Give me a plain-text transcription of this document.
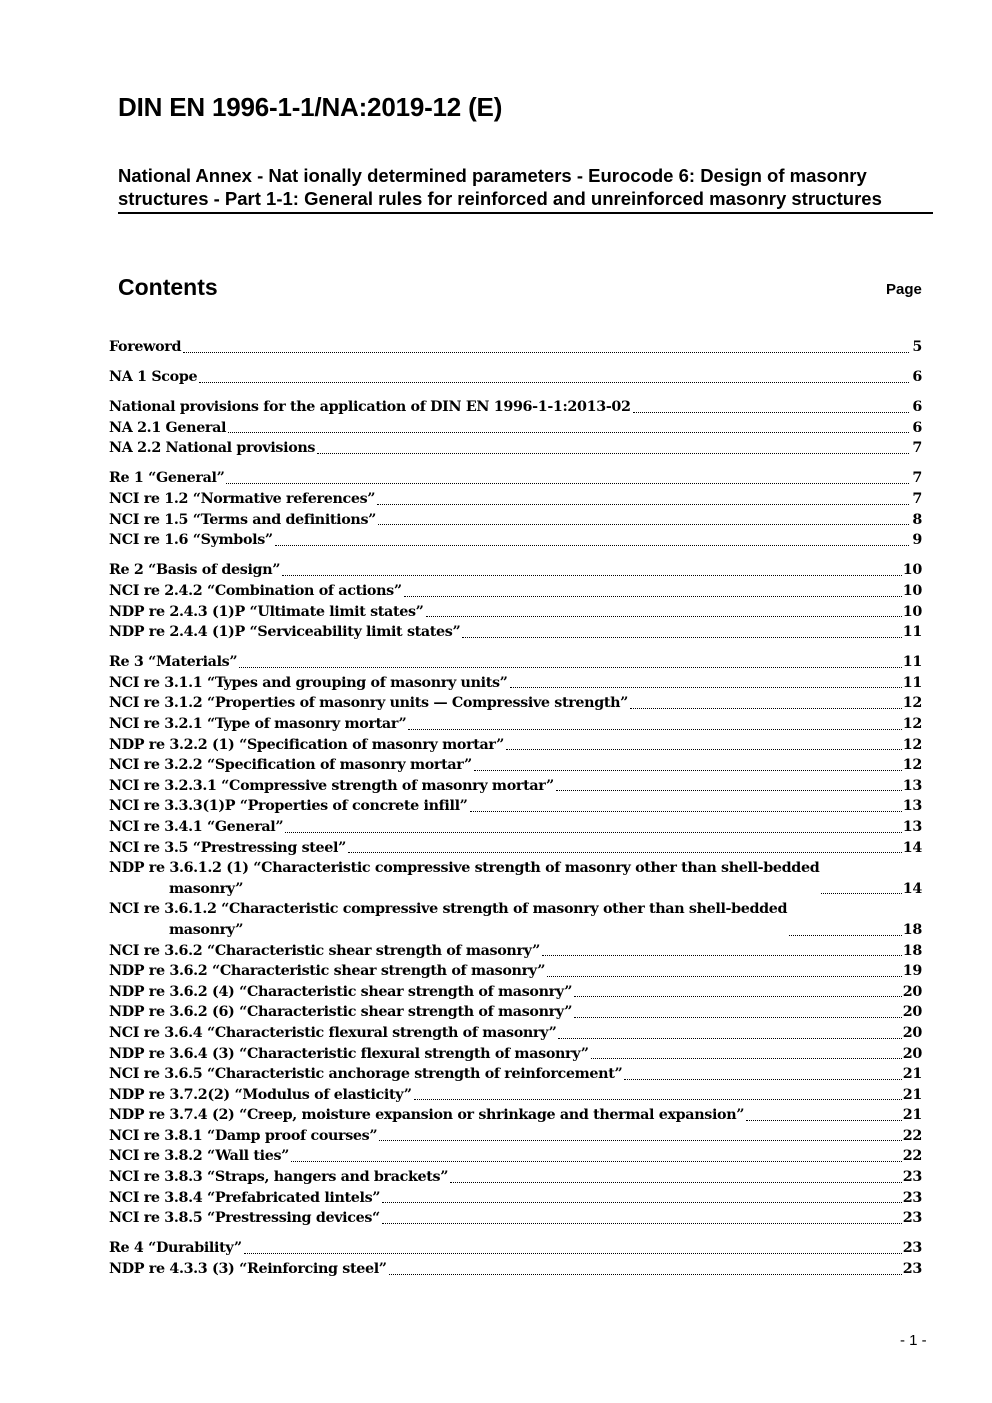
DIN EN 1996-1-1/NA:2019-12 (E)
National Annex - Nat ionally determined parameters - Eurocode 6: Design of masonry structures - Part 1-1: General rules for reinforced and unreinforced masonry structures
Contents	Page
Foreword	5
NA 1 Scope	6
National provisions for the application of DIN EN 1996-1-1:2013-02	6
NA 2.1 General	6
NA 2.2 National provisions	7
Re 1 “General”	7
NCI re 1.2 “Normative references”	7
NCI re 1.5 “Terms and definitions”	8
NCI re 1.6 “Symbols”	9
Re 2 “Basis of design”	10
NCI re 2.4.2 “Combination of actions”	10
NDP re 2.4.3 (1)P “Ultimate limit states”	10
NDP re 2.4.4 (1)P “Serviceability limit states”	11
Re 3 “Materials”	11
NCI re 3.1.1 “Types and grouping of masonry units”	11
NCI re 3.1.2 “Properties of masonry units — Compressive strength”	12
NCI re 3.2.1 “Type of masonry mortar”	12
NDP re 3.2.2 (1) “Specification of masonry mortar”	12
NCI re 3.2.2 “Specification of masonry mortar”	12
NCI re 3.2.3.1 “Compressive strength of masonry mortar”	13
NCI re 3.3.3(1)P “Properties of concrete infill”	13
NCI re 3.4.1 “General”	13
NCI re 3.5 “Prestressing steel”	14
NDP re 3.6.1.2 (1) “Characteristic compressive strength of masonry other than shell-bedded
masonry”	14
NCI re 3.6.1.2 “Characteristic compressive strength of masonry other than shell-bedded
masonry”	18
NCI re 3.6.2 “Characteristic shear strength of masonry”	18
NDP re 3.6.2 “Characteristic shear strength of masonry”	19
NDP re 3.6.2 (4) “Characteristic shear strength of masonry”	20
NDP re 3.6.2 (6) “Characteristic shear strength of masonry”	20
NCI re 3.6.4 “Characteristic flexural strength of masonry”	20
NDP re 3.6.4 (3) “Characteristic flexural strength of masonry”	20
NCI re 3.6.5 “Characteristic anchorage strength of reinforcement”	21
NDP re 3.7.2(2) “Modulus of elasticity”	21
NDP re 3.7.4 (2) “Creep, moisture expansion or shrinkage and thermal expansion”	21
NCI re 3.8.1 “Damp proof courses”	22
NCI re 3.8.2 “Wall ties”	22
NCI re 3.8.3 “Straps, hangers and brackets”	23
NCI re 3.8.4 “Prefabricated lintels”	23
NCI re 3.8.5 “Prestressing devices“	23
Re 4 “Durability”	23
NDP re 4.3.3 (3) “Reinforcing steel”	23
- 1 -
